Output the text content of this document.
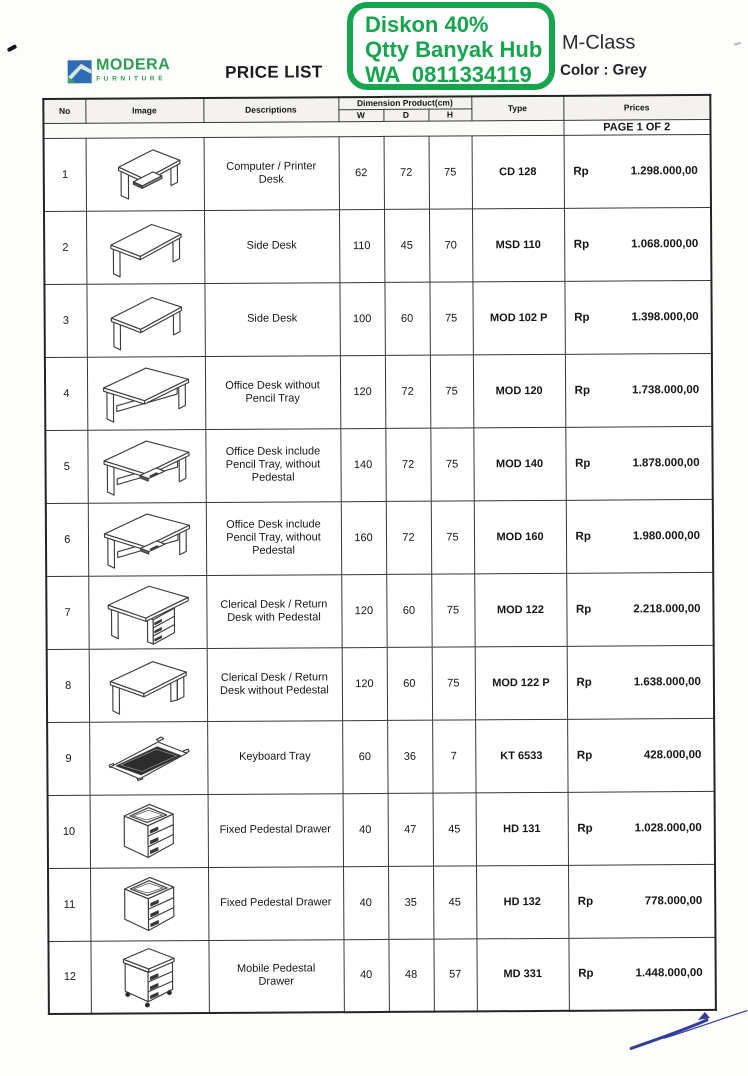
MODERA
FURNITURE	PRICE LIST
M-Class
Color : Grey
No	Image	Descriptions	Dimension Product(cm)			Type	Prices
			W	D	H		
							PAGE 1 OF 2
1		Computer / Printer Desk	62	72	75	CD 128	Rp 1.298.000,00

2		Side Desk	110	45	70	MSD 110	Rp 1.068.000,00

3		Side Desk	100	60	75	MOD 102 P	Rp 1.398.000,00

4		Office Desk without Pencil Tray	120	72	75	MOD 120	Rp 1.738.000,00

5		Office Desk include Pencil Tray, without Pedestal	140	72	75	MOD 140	Rp 1.878.000,00

6		Office Desk include Pencil Tray, without Pedestal	160	72	75	MOD 160	Rp 1.980.000,00

7		Clerical Desk / Return Desk with Pedestal	120	60	75	MOD 122	Rp 2.218.000,00

8		Clerical Desk / Return Desk without Pedestal	120	60	75	MOD 122 P	Rp 1.638.000,00

9		Keyboard Tray	60	36	7	KT 6533	Rp 428.000,00

10		Fixed Pedestal Drawer	40	47	45	HD 131	Rp 1.028.000,00

11		Fixed Pedestal Drawer	40	35	45	HD 132	Rp 778.000,00

12		Mobile Pedestal Drawer	40	48	57	MD 331	Rp 1.448.000,00
Diskon 40%
Qtty Banyak Hub
WA  0811334119
